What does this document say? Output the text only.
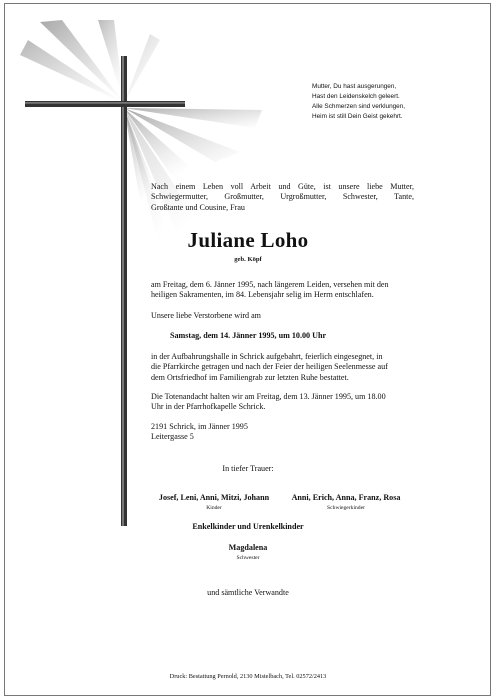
Mutter, Du hast ausgerungen,
Hast den Leidenskelch geleert.
Alle Schmerzen sind verklungen,
Heim ist still Dein Geist gekehrt.
Nach einem Leben voll Arbeit und Güte, ist unsere liebe Mutter,
Schwiegermutter, Großmutter, Urgroßmutter, Schwester, Tante,
Großtante und Cousine, Frau
Juliane Loho
geb. Köpf
am Freitag, dem 6. Jänner 1995, nach längerem Leiden, versehen mit den
heiligen Sakramenten, im 84. Lebensjahr selig im Herrn entschlafen.
Unsere liebe Verstorbene wird am
Samstag, dem 14. Jänner 1995, um 10.00 Uhr
in der Aufbahrungshalle in Schrick aufgebahrt, feierlich eingesegnet, in
die Pfarrkirche getragen und nach der Feier der heiligen Seelenmesse auf
dem Ortsfriedhof im Familiengrab zur letzten Ruhe bestattet.
Die Totenandacht halten wir am Freitag, dem 13. Jänner 1995, um 18.00
Uhr in der Pfarrhofkapelle Schrick.
2191 Schrick, im Jänner 1995
Leitergasse 5
In tiefer Trauer:
Josef, Leni, Anni, Mitzi, Johann
Kinder
Anni, Erich, Anna, Franz, Rosa
Schwiegerkinder
Enkelkinder und Urenkelkinder
Magdalena
Schwester
und sämtliche Verwandte
Druck: Bestattung Pernold, 2130 Mistelbach, Tel. 02572/2413
